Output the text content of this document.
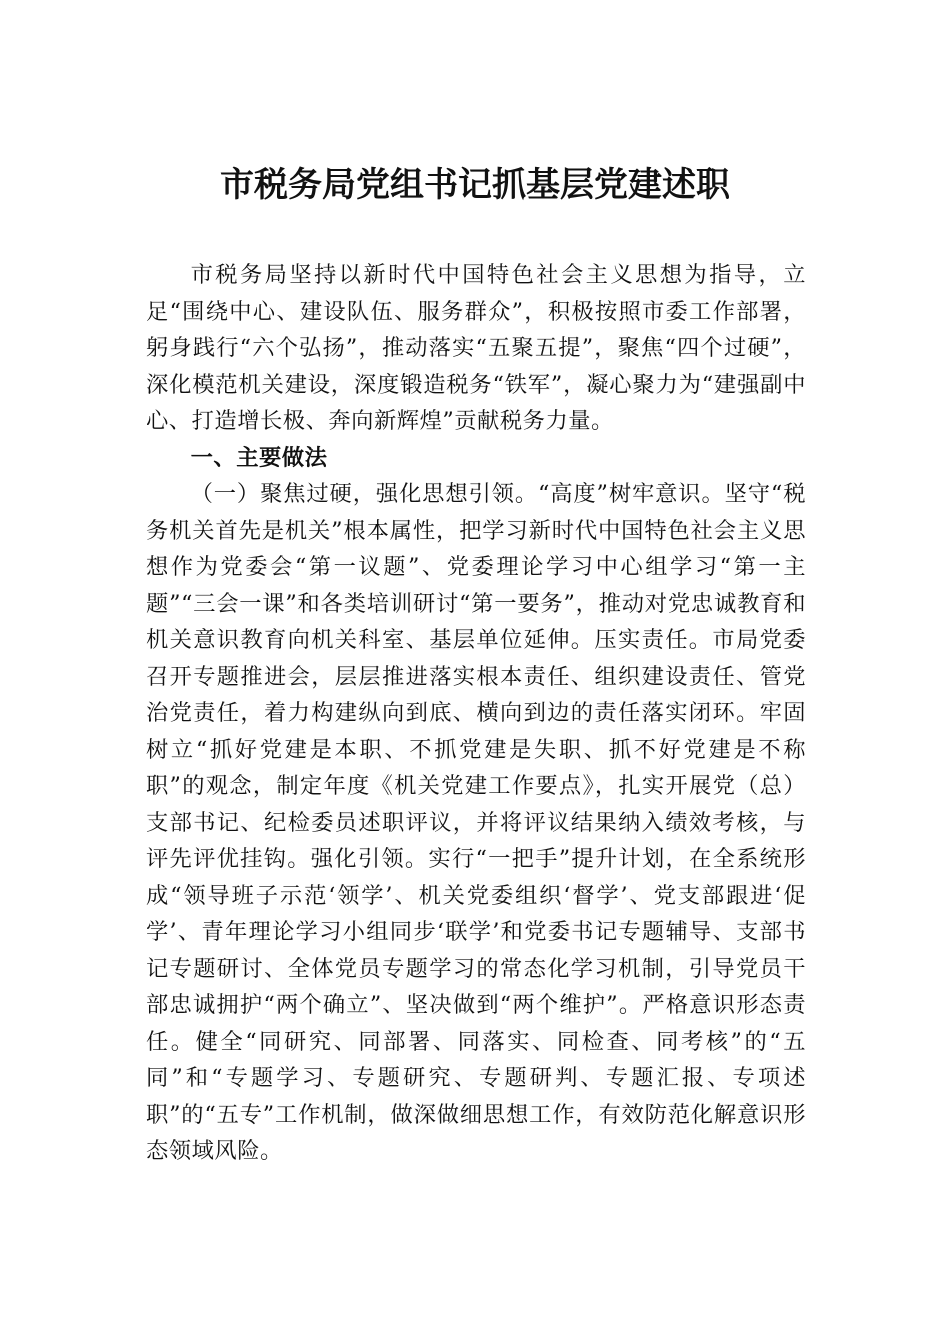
市税务局党组书记抓基层党建述职

市税务局坚持以新时代中国特色社会主义思想为指导，立足“围绕中心、建设队伍、服务群众”，积极按照市委工作部署，躬身践行“六个弘扬”，推动落实“五聚五提”，聚焦“四个过硬”，深化模范机关建设，深度锻造税务“铁军”，凝心聚力为“建强副中心、打造增长极、奔向新辉煌”贡献税务力量。

一、主要做法

（一）聚焦过硬，强化思想引领。“高度”树牢意识。坚守“税务机关首先是机关”根本属性，把学习新时代中国特色社会主义思想作为党委会“第一议题”、党委理论学习中心组学习“第一主题”“三会一课”和各类培训研讨“第一要务”，推动对党忠诚教育和机关意识教育向机关科室、基层单位延伸。压实责任。市局党委召开专题推进会，层层推进落实根本责任、组织建设责任、管党治党责任，着力构建纵向到底、横向到边的责任落实闭环。牢固树立“抓好党建是本职、不抓党建是失职、抓不好党建是不称职”的观念，制定年度《机关党建工作要点》，扎实开展党（总）支部书记、纪检委员述职评议，并将评议结果纳入绩效考核，与评先评优挂钩。强化引领。实行“一把手”提升计划，在全系统形成“领导班子示范‘领学’、机关党委组织‘督学’、党支部跟进‘促学’、青年理论学习小组同步‘联学’和党委书记专题辅导、支部书记专题研讨、全体党员专题学习的常态化学习机制，引导党员干部忠诚拥护“两个确立”、坚决做到“两个维护”。严格意识形态责任。健全“同研究、同部署、同落实、同检查、同考核”的“五同”和“专题学习、专题研究、专题研判、专题汇报、专项述职”的“五专”工作机制，做深做细思想工作，有效防范化解意识形态领域风险。
